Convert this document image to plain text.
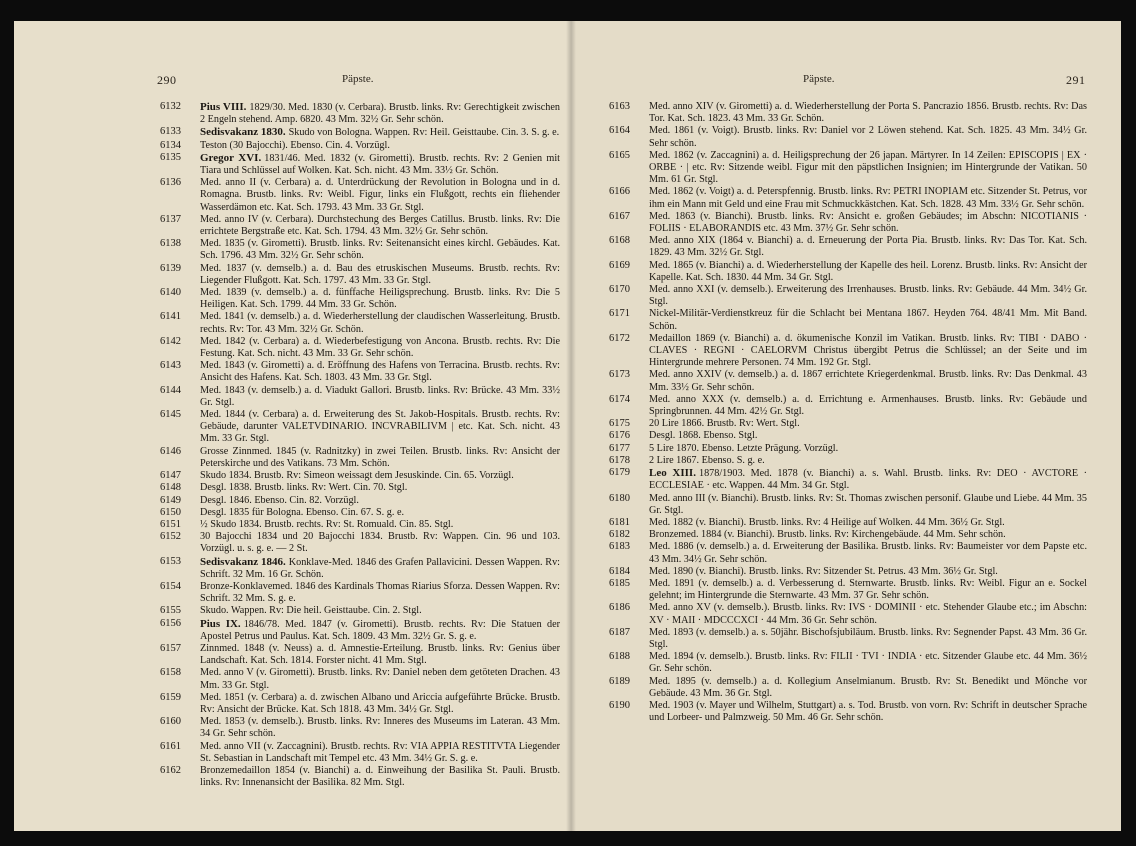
290	Päpste.
6132	Pius VIII. 1829/30. Med. 1830 (v. Cerbara). Brustb. links. Rv: Gerechtigkeit zwischen 2 Engeln stehend. Amp. 6820. 43 Mm. 32½ Gr. Sehr schön.
6133	Sedisvakanz 1830. Skudo von Bologna. Wappen. Rv: Heil. Geisttaube. Cin. 3. S. g. e.
6134	Teston (30 Bajocchi). Ebenso. Cin. 4. Vorzügl.
6135	Gregor XVI. 1831/46. Med. 1832 (v. Girometti). Brustb. rechts. Rv: 2 Genien mit Tiara und Schlüssel auf Wolken. Kat. Sch. nicht. 43 Mm. 33½ Gr. Schön.
6136	Med. anno II (v. Cerbara) a. d. Unterdrückung der Revolution in Bologna und in d. Romagna. Brustb. links. Rv: Weibl. Figur, links ein Flußgott, rechts ein fliehender Wasserdämon etc. Kat. Sch. 1793. 43 Mm. 33 Gr. Stgl.
6137	Med. anno IV (v. Cerbara). Durchstechung des Berges Catillus. Brustb. links. Rv: Die errichtete Bergstraße etc. Kat. Sch. 1794. 43 Mm. 32½ Gr. Sehr schön.
6138	Med. 1835 (v. Girometti). Brustb. links. Rv: Seitenansicht eines kirchl. Gebäudes. Kat. Sch. 1796. 43 Mm. 32½ Gr. Sehr schön.
6139	Med. 1837 (v. demselb.) a. d. Bau des etruskischen Museums. Brustb. rechts. Rv: Liegender Flußgott. Kat. Sch. 1797. 43 Mm. 33 Gr. Stgl.
6140	Med. 1839 (v. demselb.) a. d. fünffache Heiligsprechung. Brustb. links. Rv: Die 5 Heiligen. Kat. Sch. 1799. 44 Mm. 33 Gr. Schön.
6141	Med. 1841 (v. demselb.) a. d. Wiederherstellung der claudischen Wasserleitung. Brustb. rechts. Rv: Tor. 43 Mm. 32½ Gr. Schön.
6142	Med. 1842 (v. Cerbara) a. d. Wiederbefestigung von Ancona. Brustb. rechts. Rv: Die Festung. Kat. Sch. nicht. 43 Mm. 33 Gr. Sehr schön.
6143	Med. 1843 (v. Girometti) a. d. Eröffnung des Hafens von Terracina. Brustb. rechts. Rv: Ansicht des Hafens. Kat. Sch. 1803. 43 Mm. 33 Gr. Stgl.
6144	Med. 1843 (v. demselb.) a. d. Viadukt Gallori. Brustb. links. Rv: Brücke. 43 Mm. 33½ Gr. Stgl.
6145	Med. 1844 (v. Cerbara) a. d. Erweiterung des St. Jakob-Hospitals. Brustb. rechts. Rv: Gebäude, darunter VALETVDINARIO. INCVRABILIVM | etc. Kat. Sch. nicht. 43 Mm. 33 Gr. Stgl.
6146	Grosse Zinnmed. 1845 (v. Radnitzky) in zwei Teilen. Brustb. links. Rv: Ansicht der Peterskirche und des Vatikans. 73 Mm. Schön.
6147	Skudo 1834. Brustb. Rv: Simeon weissagt dem Jesuskinde. Cin. 65. Vorzügl.
6148	Desgl. 1838. Brustb. links. Rv: Wert. Cin. 70. Stgl.
6149	Desgl. 1846. Ebenso. Cin. 82. Vorzügl.
6150	Desgl. 1835 für Bologna. Ebenso. Cin. 67. S. g. e.
6151	½ Skudo 1834. Brustb. rechts. Rv: St. Romuald. Cin. 85. Stgl.
6152	30 Bajocchi 1834 und 20 Bajocchi 1834. Brustb. Rv: Wappen. Cin. 96 und 103. Vorzügl. u. s. g. e. — 2 St.
6153	Sedisvakanz 1846. Konklave-Med. 1846 des Grafen Pallavicini. Dessen Wappen. Rv: Schrift. 32 Mm. 16 Gr. Schön.
6154	Bronze-Konklavemed. 1846 des Kardinals Thomas Riarius Sforza. Dessen Wappen. Rv: Schrift. 32 Mm. S. g. e.
6155	Skudo. Wappen. Rv: Die heil. Geisttaube. Cin. 2. Stgl.
6156	Pius IX. 1846/78. Med. 1847 (v. Girometti). Brustb. rechts. Rv: Die Statuen der Apostel Petrus und Paulus. Kat. Sch. 1809. 43 Mm. 32½ Gr. S. g. e.
6157	Zinnmed. 1848 (v. Neuss) a. d. Amnestie-Erteilung. Brustb. links. Rv: Genius über Landschaft. Kat. Sch. 1814. Forster nicht. 41 Mm. Stgl.
6158	Med. anno V (v. Girometti). Brustb. links. Rv: Daniel neben dem getöteten Drachen. 43 Mm. 33 Gr. Stgl.
6159	Med. 1851 (v. Cerbara) a. d. zwischen Albano und Ariccia aufgeführte Brücke. Brustb. Rv: Ansicht der Brücke. Kat. Sch 1818. 43 Mm. 34½ Gr. Stgl.
6160	Med. 1853 (v. demselb.). Brustb. links. Rv: Inneres des Museums im Lateran. 43 Mm. 34 Gr. Sehr schön.
6161	Med. anno VII (v. Zaccagnini). Brustb. rechts. Rv: VIA APPIA RESTITVTA Liegender St. Sebastian in Landschaft mit Tempel etc. 43 Mm. 34½ Gr. S. g. e.
6162	Bronzemedaillon 1854 (v. Bianchi) a. d. Einweihung der Basilika St. Pauli. Brustb. links. Rv: Innenansicht der Basilika. 82 Mm. Stgl.
Päpste.	291
6163	Med. anno XIV (v. Girometti) a. d. Wiederherstellung der Porta S. Pancrazio 1856. Brustb. rechts. Rv: Das Tor. Kat. Sch. 1823. 43 Mm. 33 Gr. Schön.
6164	Med. 1861 (v. Voigt). Brustb. links. Rv: Daniel vor 2 Löwen stehend. Kat. Sch. 1825. 43 Mm. 34½ Gr. Sehr schön.
6165	Med. 1862 (v. Zaccagnini) a. d. Heiligsprechung der 26 japan. Märtyrer. In 14 Zeilen: EPISCOPIS | EX · ORBE · | etc. Rv: Sitzende weibl. Figur mit den päpstlichen Insignien; im Hintergrunde der Vatikan. 50 Mm. 61 Gr. Stgl.
6166	Med. 1862 (v. Voigt) a. d. Peterspfennig. Brustb. links. Rv: PETRI INOPIAM etc. Sitzender St. Petrus, vor ihm ein Mann mit Geld und eine Frau mit Schmuckkästchen. Kat. Sch. 1828. 43 Mm. 33½ Gr. Sehr schön.
6167	Med. 1863 (v. Bianchi). Brustb. links. Rv: Ansicht e. großen Gebäudes; im Abschn: NICOTIANIS · FOLIIS · ELABORANDIS etc. 43 Mm. 37½ Gr. Sehr schön.
6168	Med. anno XIX (1864 v. Bianchi) a. d. Erneuerung der Porta Pia. Brustb. links. Rv: Das Tor. Kat. Sch. 1829. 43 Mm. 32½ Gr. Stgl.
6169	Med. 1865 (v. Bianchi) a. d. Wiederherstellung der Kapelle des heil. Lorenz. Brustb. links. Rv: Ansicht der Kapelle. Kat. Sch. 1830. 44 Mm. 34 Gr. Stgl.
6170	Med. anno XXI (v. demselb.). Erweiterung des Irrenhauses. Brustb. links. Rv: Gebäude. 44 Mm. 34½ Gr. Stgl.
6171	Nickel-Militär-Verdienstkreuz für die Schlacht bei Mentana 1867. Heyden 764. 48/41 Mm. Mit Band. Schön.
6172	Medaillon 1869 (v. Bianchi) a. d. ökumenische Konzil im Vatikan. Brustb. links. Rv: TIBI · DABO · CLAVES · REGNI · CAELORVM Christus übergibt Petrus die Schlüssel; an der Seite und im Hintergrunde mehrere Personen. 74 Mm. 192 Gr. Stgl.
6173	Med. anno XXIV (v. demselb.) a. d. 1867 errichtete Kriegerdenkmal. Brustb. links. Rv: Das Denkmal. 43 Mm. 33½ Gr. Sehr schön.
6174	Med. anno XXX (v. demselb.) a. d. Errichtung e. Armenhauses. Brustb. links. Rv: Gebäude und Springbrunnen. 44 Mm. 42½ Gr. Stgl.
6175	20 Lire 1866. Brustb. Rv: Wert. Stgl.
6176	Desgl. 1868. Ebenso. Stgl.
6177	5 Lire 1870. Ebenso. Letzte Prägung. Vorzügl.
6178	2 Lire 1867. Ebenso. S. g. e.
6179	Leo XIII. 1878/1903. Med. 1878 (v. Bianchi) a. s. Wahl. Brustb. links. Rv: DEO · AVCTORE · ECCLESIAE · etc. Wappen. 44 Mm. 34 Gr. Stgl.
6180	Med. anno III (v. Bianchi). Brustb. links. Rv: St. Thomas zwischen personif. Glaube und Liebe. 44 Mm. 35 Gr. Stgl.
6181	Med. 1882 (v. Bianchi). Brustb. links. Rv: 4 Heilige auf Wolken. 44 Mm. 36½ Gr. Stgl.
6182	Bronzemed. 1884 (v. Bianchi). Brustb. links. Rv: Kirchengebäude. 44 Mm. Sehr schön.
6183	Med. 1886 (v. demselb.) a. d. Erweiterung der Basilika. Brustb. links. Rv: Baumeister vor dem Papste etc. 43 Mm. 34½ Gr. Sehr schön.
6184	Med. 1890 (v. Bianchi). Brustb. links. Rv: Sitzender St. Petrus. 43 Mm. 36½ Gr. Stgl.
6185	Med. 1891 (v. demselb.) a. d. Verbesserung d. Sternwarte. Brustb. links. Rv: Weibl. Figur an e. Sockel gelehnt; im Hintergrunde die Sternwarte. 43 Mm. 37 Gr. Sehr schön.
6186	Med. anno XV (v. demselb.). Brustb. links. Rv: IVS · DOMINII · etc. Stehender Glaube etc.; im Abschn: XV · MAII · MDCCCXCI · 44 Mm. 36 Gr. Sehr schön.
6187	Med. 1893 (v. demselb.) a. s. 50jähr. Bischofsjubiläum. Brustb. links. Rv: Segnender Papst. 43 Mm. 36 Gr. Stgl.
6188	Med. 1894 (v. demselb.). Brustb. links. Rv: FILII · TVI · INDIA · etc. Sitzender Glaube etc. 44 Mm. 36½ Gr. Sehr schön.
6189	Med. 1895 (v. demselb.) a. d. Kollegium Anselmianum. Brustb. Rv: St. Benedikt und Mönche vor Gebäude. 43 Mm. 36 Gr. Stgl.
6190	Med. 1903 (v. Mayer und Wilhelm, Stuttgart) a. s. Tod. Brustb. von vorn. Rv: Schrift in deutscher Sprache und Lorbeer- und Palmzweig. 50 Mm. 46 Gr. Sehr schön.
